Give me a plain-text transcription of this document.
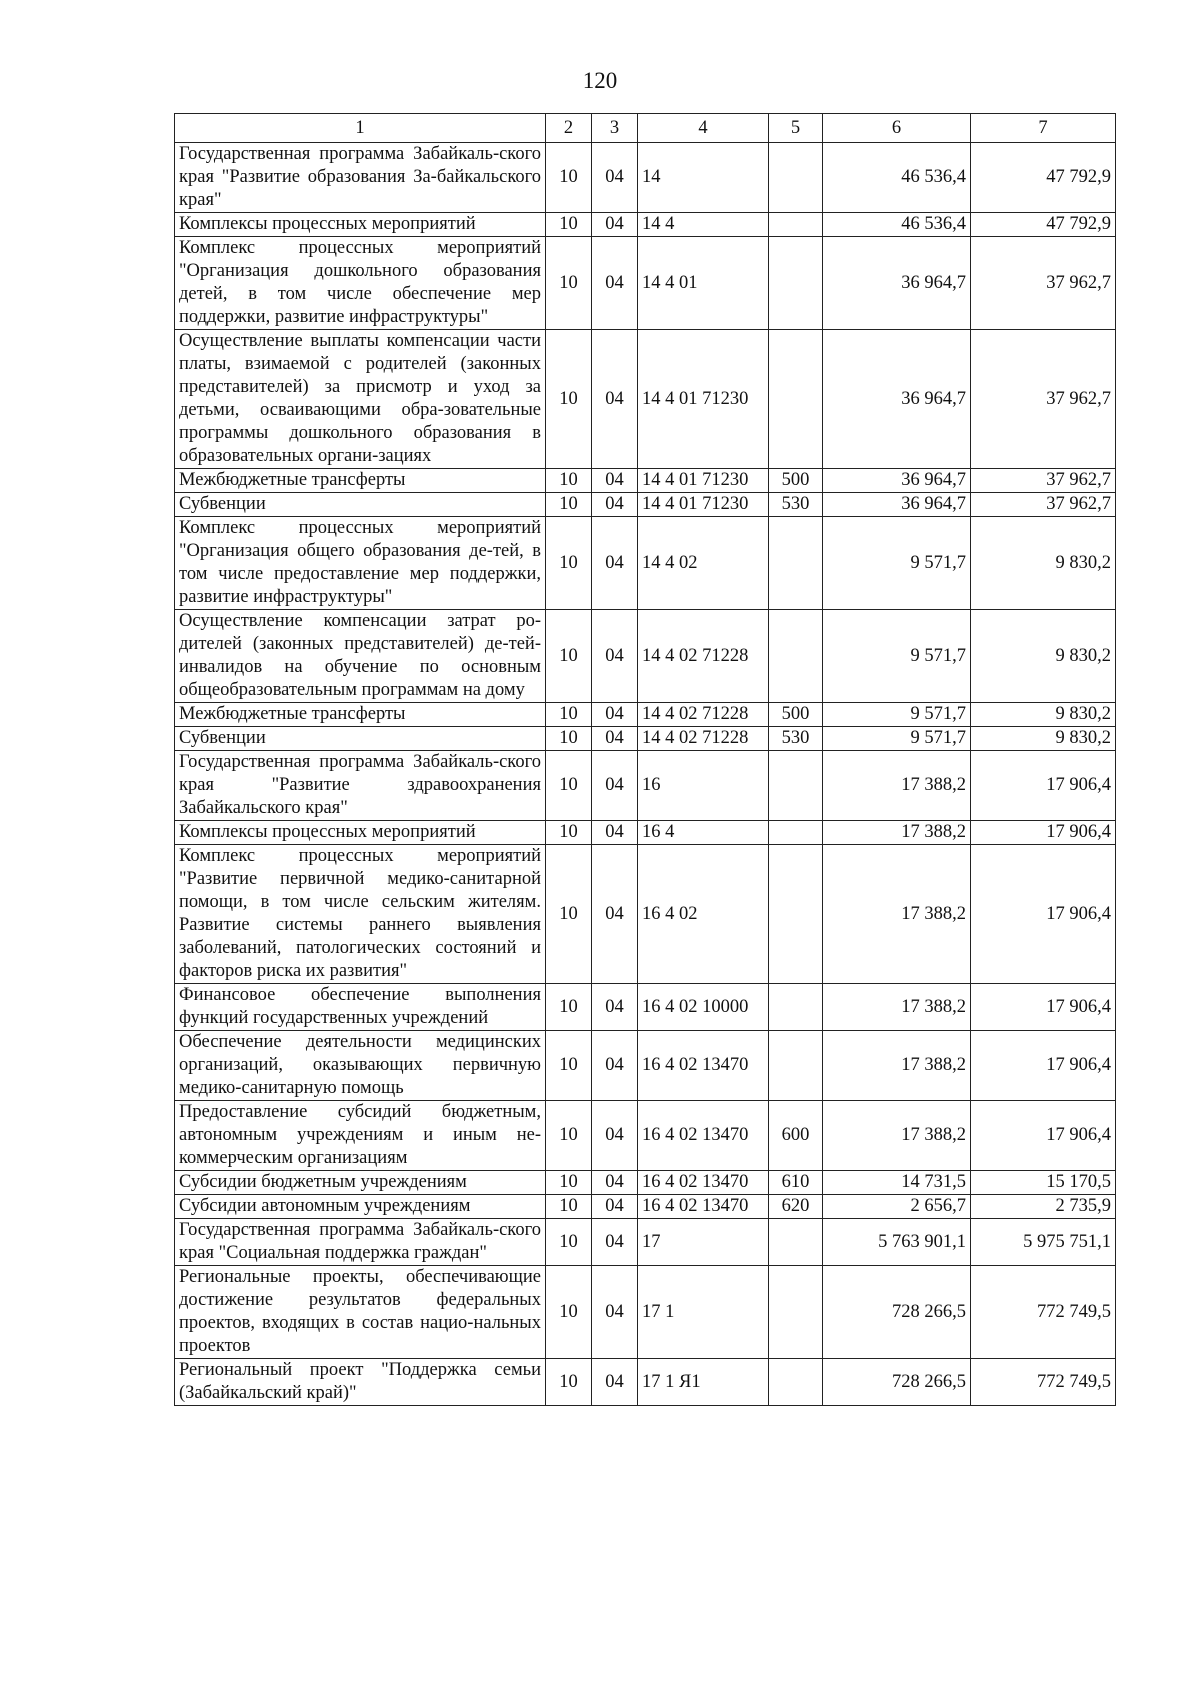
120
1	2	3	4	5	6	7
Государственная программа Забайкаль-ского края "Развитие образования За-байкальского края"	10	04	14		46 536,4	47 792,9
Комплексы процессных мероприятий	10	04	14 4		46 536,4	47 792,9
Комплекс процессных мероприятий "Организация дошкольного образования детей, в том числе обеспечение мер поддержки, развитие инфраструктуры"	10	04	14 4 01		36 964,7	37 962,7
Осуществление выплаты компенсации части платы, взимаемой с родителей (законных представителей) за присмотр и уход за детьми, осваивающими обра-зовательные программы дошкольного образования в образовательных органи-зациях	10	04	14 4 01 71230		36 964,7	37 962,7
Межбюджетные трансферты	10	04	14 4 01 71230	500	36 964,7	37 962,7
Субвенции	10	04	14 4 01 71230	530	36 964,7	37 962,7
Комплекс процессных мероприятий "Организация общего образования де-тей, в том числе предоставление мер поддержки, развитие инфраструктуры"	10	04	14 4 02		9 571,7	9 830,2
Осуществление компенсации затрат ро-дителей (законных представителей) де-тей-инвалидов на обучение по основным общеобразовательным программам на дому	10	04	14 4 02 71228		9 571,7	9 830,2
Межбюджетные трансферты	10	04	14 4 02 71228	500	9 571,7	9 830,2
Субвенции	10	04	14 4 02 71228	530	9 571,7	9 830,2
Государственная программа Забайкаль-ского края "Развитие здравоохранения Забайкальского края"	10	04	16		17 388,2	17 906,4
Комплексы процессных мероприятий	10	04	16 4		17 388,2	17 906,4
Комплекс процессных мероприятий "Развитие первичной медико-санитарной помощи, в том числе сельским жителям. Развитие системы раннего выявления заболеваний, патологических состояний и факторов риска их развития"	10	04	16 4 02		17 388,2	17 906,4
Финансовое обеспечение выполнения функций государственных учреждений	10	04	16 4 02 10000		17 388,2	17 906,4
Обеспечение деятельности медицинских организаций, оказывающих первичную медико-санитарную помощь	10	04	16 4 02 13470		17 388,2	17 906,4
Предоставление субсидий бюджетным, автономным учреждениям и иным не-коммерческим организациям	10	04	16 4 02 13470	600	17 388,2	17 906,4
Субсидии бюджетным учреждениям	10	04	16 4 02 13470	610	14 731,5	15 170,5
Субсидии автономным учреждениям	10	04	16 4 02 13470	620	2 656,7	2 735,9
Государственная программа Забайкаль-ского края "Социальная поддержка граждан"	10	04	17		5 763 901,1	5 975 751,1
Региональные проекты, обеспечивающие достижение результатов федеральных проектов, входящих в состав нацио-нальных проектов	10	04	17 1		728 266,5	772 749,5
Региональный проект "Поддержка семьи (Забайкальский край)"	10	04	17 1 Я1		728 266,5	772 749,5
